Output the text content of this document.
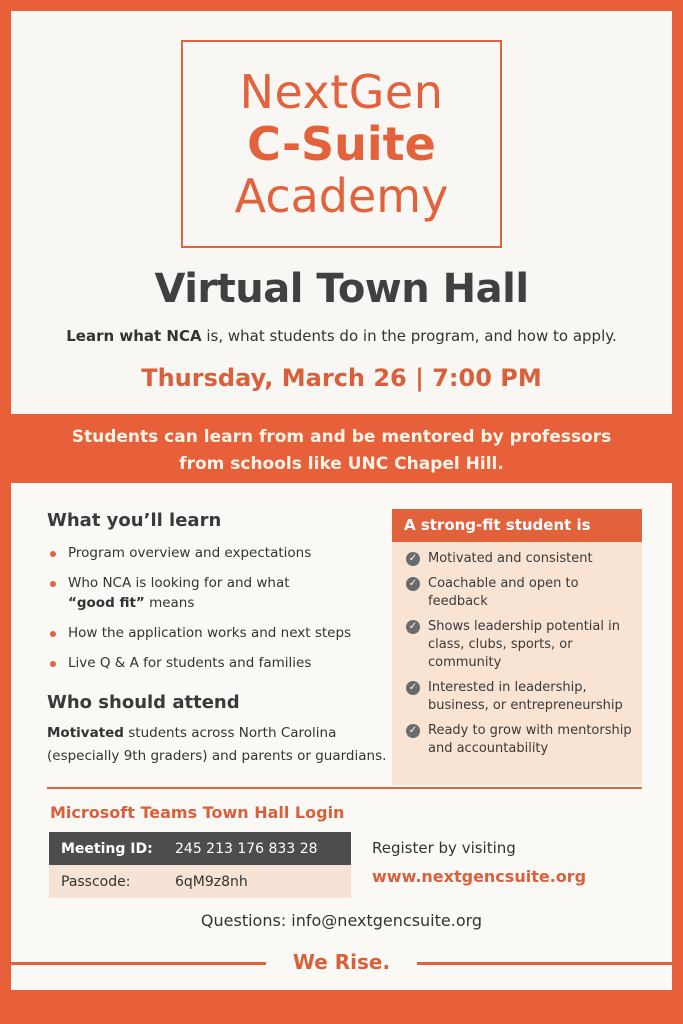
NextGen
C-Suite
Academy
Virtual Town Hall
Learn what NCA is, what students do in the program, and how to apply.
Thursday, March 26 | 7:00 PM
Students can learn from and be mentored by professors
from schools like UNC Chapel Hill.
What you’ll learn
Program overview and expectations
Who NCA is looking for and what
“good fit” means
How the application works and next steps
Live Q & A for students and families
Who should attend
Motivated students across North Carolina (especially 9th graders) and parents or guardians.
A strong-fit student is
✓ Motivated and consistent
✓ Coachable and open to feedback
✓ Shows leadership potential in class, clubs, sports, or community
✓ Interested in leadership, business, or entrepreneurship
✓ Ready to grow with mentorship and accountability
Microsoft Teams Town Hall Login
Meeting ID:	245 213 176 833 28
Passcode:	6qM9z8nh
Register by visiting
www.nextgencsuite.org
Questions: info@nextgencsuite.org
We Rise.
